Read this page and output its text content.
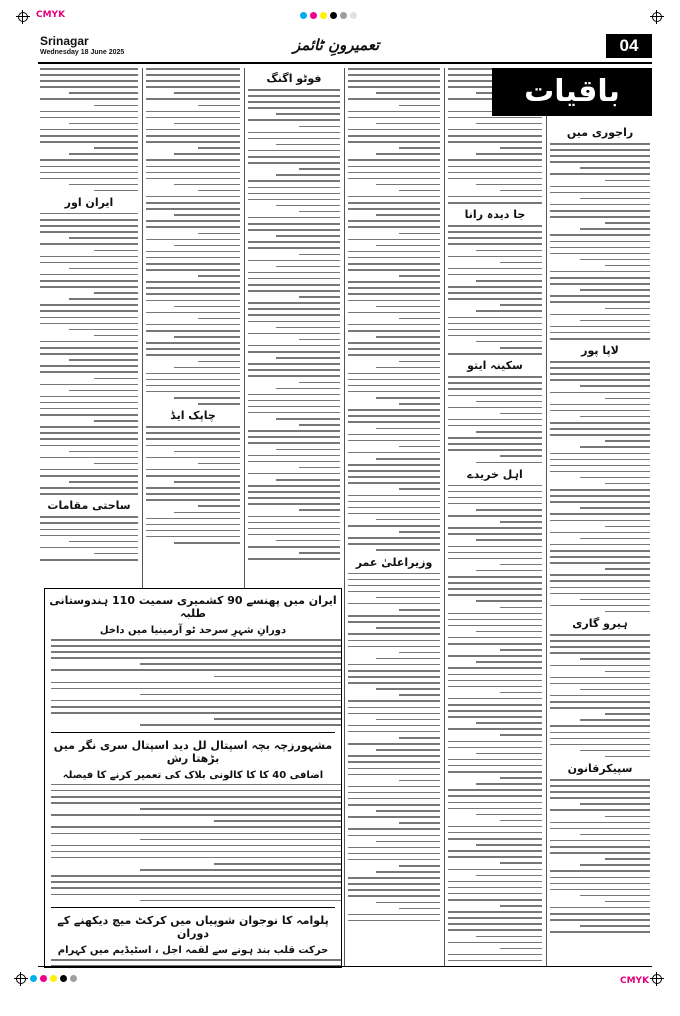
CMYK
CMYK
Srinagar
Wednesday 18 June 2025	تعمیرونِ ٹائمز	04
ایران اور
ساحتی مقامات
چاپک ایڈ
فوٹو اگنگ
وزیراعلیٰ عمر
جا دیدہ رانا
سکینہ ایتو
اہل خریدے
باقیات
راجوری میں
لاپا پور
ہیرو گاری
سپیکرقانون
ایران میں پھنسے 90 کشمیری سمیت 110 ہندوستانی طلبہ
دورانِ شہرِ سرحد ٹو آرمینیا میں داخل
مشہورزچہ بچہ اسپتال لل دید اسپتال سری نگر میں بڑھتا رش
اضافی 40 کا کا کالونی بلاک کی تعمیر کرنے کا فیصلہ
پلوامہ کا نوجوان شوپیاں میں کرکٹ میچ دیکھنے کے دوران
حرکت قلب بند ہونے سے لقمہ اجل ، اسٹیڈیم میں کہرام
